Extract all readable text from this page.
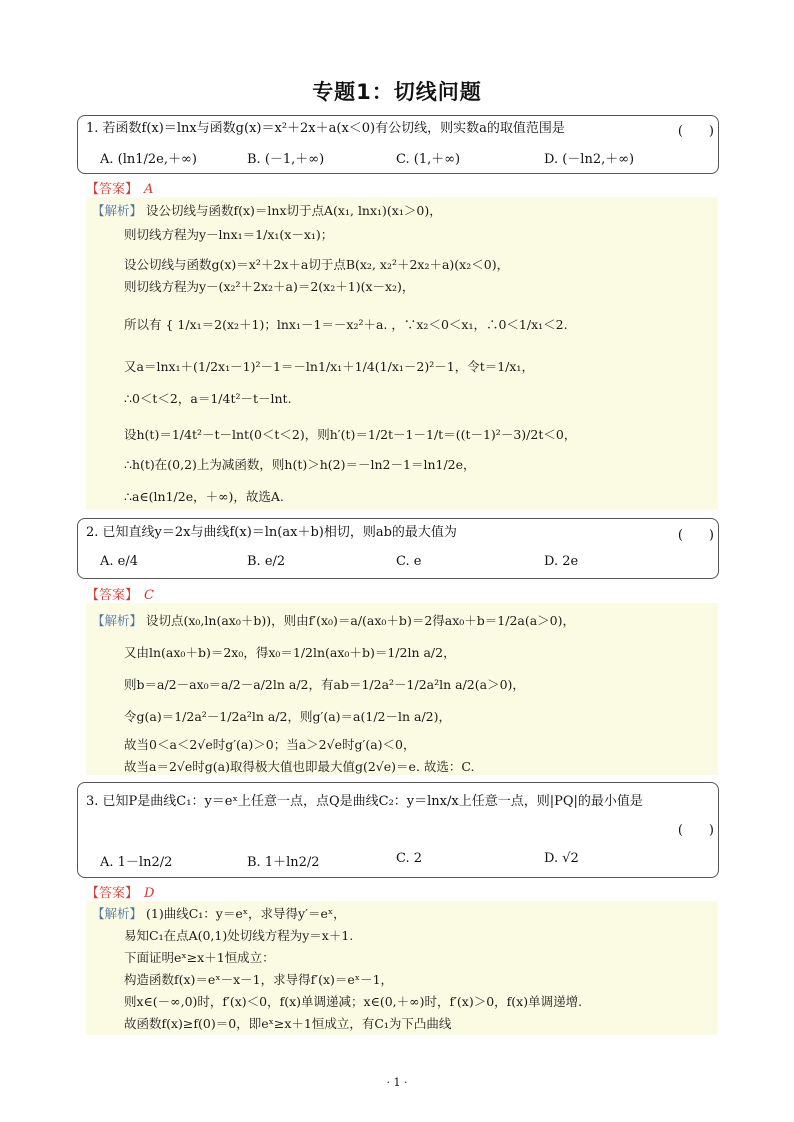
专题1：切线问题
1. 若函数f(x)＝lnx与函数g(x)＝x²＋2x＋a(x＜0)有公切线，则实数a的取值范围是	(　　)
A. (ln1/2e,＋∞)	B. (－1,＋∞)	C. (1,＋∞)	D. (－ln2,＋∞)
【答案】 A
【解析】 设公切线与函数f(x)＝lnx切于点A(x₁, lnx₁)(x₁＞0)，
则切线方程为y－lnx₁＝1/x₁(x－x₁)；
设公切线与函数g(x)＝x²＋2x＋a切于点B(x₂, x₂²＋2x₂＋a)(x₂＜0)，
则切线方程为y－(x₂²＋2x₂＋a)＝2(x₂＋1)(x－x₂)，
所以有 { 1/x₁＝2(x₂＋1)；lnx₁－1＝－x₂²＋a. ，∵x₂＜0＜x₁，∴0＜1/x₁＜2.
又a＝lnx₁＋(1/2x₁－1)²－1＝－ln1/x₁＋1/4(1/x₁－2)²－1，令t＝1/x₁，
∴0＜t＜2，a＝1/4t²－t－lnt.
设h(t)＝1/4t²－t－lnt(0＜t＜2)，则h′(t)＝1/2t－1－1/t＝((t－1)²－3)/2t＜0，
∴h(t)在(0,2)上为减函数，则h(t)＞h(2)＝－ln2－1＝ln1/2e，
∴a∈(ln1/2e，＋∞)，故选A.
2. 已知直线y＝2x与曲线f(x)＝ln(ax＋b)相切，则ab的最大值为	(　　)
A. e/4	B. e/2	C. e	D. 2e
【答案】 C
【解析】 设切点(x₀,ln(ax₀＋b))，则由f′(x₀)＝a/(ax₀＋b)＝2得ax₀＋b＝1/2a(a＞0)，
又由ln(ax₀＋b)＝2x₀，得x₀＝1/2ln(ax₀＋b)＝1/2ln a/2，
则b＝a/2－ax₀＝a/2－a/2ln a/2，有ab＝1/2a²－1/2a²ln a/2(a＞0)，
令g(a)＝1/2a²－1/2a²ln a/2，则g′(a)＝a(1/2－ln a/2)，
故当0＜a＜2√e时g′(a)＞0；当a＞2√e时g′(a)＜0，
故当a＝2√e时g(a)取得极大值也即最大值g(2√e)＝e. 故选：C.
3. 已知P是曲线C₁：y＝eˣ上任意一点，点Q是曲线C₂：y＝lnx/x上任意一点，则|PQ|的最小值是
(　　)
A. 1－ln2/2	B. 1＋ln2/2	C. 2	D. √2
【答案】 D
【解析】 (1)曲线C₁：y＝eˣ，求导得y′＝eˣ，
易知C₁在点A(0,1)处切线方程为y＝x＋1.
下面证明eˣ≥x＋1恒成立：
构造函数f(x)＝eˣ－x－1，求导得f′(x)＝eˣ－1，
则x∈(－∞,0)时，f′(x)＜0，f(x)单调递减；x∈(0,＋∞)时，f′(x)＞0，f(x)单调递增.
故函数f(x)≥f(0)＝0，即eˣ≥x＋1恒成立，有C₁为下凸曲线
· 1 ·
